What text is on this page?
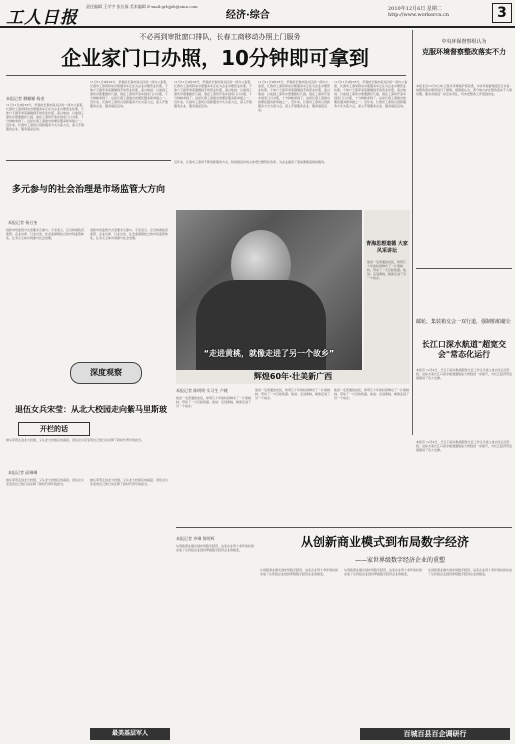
工人日报
责任编辑 王学宇 张长福 美术编辑 E-mail:grbjjzh@sina.com
经济·综合
2010年12月6日 星期二 http://www.workercn.cn	3
不必再到审批窗口排队，长春工商移动办照上门服务
企业家门口办照，10分钟即可拿到
本报记者 柳姗姗 杨金
11月11日9时38分，早春的长春市南关区的一间办公室里，长春市工商局移动办照服务车正在为企业办理营业执照。个体户王振军拿着刚刚到手的营业执照，高兴地说：以前到工商所办照要跑好几趟，现在工商局开着车到家门口办照，十分钟就拿到了。这是长春工商推出的便民服务新举措之一。近年来，长春市工商局以创新服务方式为着力点，深入开展服务企业、服务基层活动。
11月11日9时38分，早春的长春市南关区的一间办公室里，长春市工商局移动办照服务车正在为企业办理营业执照。个体户王振军拿着刚刚到手的营业执照，高兴地说：以前到工商所办照要跑好几趟，现在工商局开着车到家门口办照，十分钟就拿到了。这是长春工商推出的便民服务新举措之一。近年来，长春市工商局以创新服务方式为着力点，深入开展服务企业、服务基层活动。
11月11日9时38分，早春的长春市南关区的一间办公室里，长春市工商局移动办照服务车正在为企业办理营业执照。个体户王振军拿着刚刚到手的营业执照，高兴地说：以前到工商所办照要跑好几趟，现在工商局开着车到家门口办照，十分钟就拿到了。这是长春工商推出的便民服务新举措之一。近年来，长春市工商局以创新服务方式为着力点，深入开展服务企业、服务基层活动。
11月11日9时38分，早春的长春市南关区的一间办公室里，长春市工商局移动办照服务车正在为企业办理营业执照。个体户王振军拿着刚刚到手的营业执照，高兴地说：以前到工商所办照要跑好几趟，现在工商局开着车到家门口办照，十分钟就拿到了。这是长春工商推出的便民服务新举措之一。近年来，长春市工商局以创新服务方式为着力点，深入开展服务企业、服务基层活动。
11月11日9时38分，早春的长春市南关区的一间办公室里，长春市工商局移动办照服务车正在为企业办理营业执照。个体户王振军拿着刚刚到手的营业执照，高兴地说：以前到工商所办照要跑好几趟，现在工商局开着车到家门口办照，十分钟就拿到了。这是长春工商推出的便民服务新举措之一。近年来，长春市工商局以创新服务方式为着力点，深入开展服务企业、服务基层活动。
中央环保督察组认为
克服环境督察整改落实不力
本报北京12月5日电 记者从环境保护部获悉，中央环保督察组近日对各地整改落实情况进行了督察。督察组认为，部分地方存在整改落实不力等问题，要求各地进一步压实责任，切实把整改工作落到实处。
邮轮、集装箱交会一双行道，强制船舶避让
长江口深水航道"超宽交会"常态化运行
本报讯 12月4日，长江口深水航道超宽交会工作正式进入常态化运行阶段。这标志着长江口深水航道通航能力得到进一步提升，为长江经济带发展提供了有力支撑。
多元参与的社会治理是市场监管大方向
本报记者 杨召奎
创新市场监管方式需要多元参与。专家表示，应当构建政府监管、企业自律、行业自治、社会监督相结合的市场监管体系，让多元主体共同参与社会治理。
创新市场监管方式需要多元参与。专家表示，应当构建政府监管、企业自律、行业自治、社会监督相结合的市场监管体系，让多元主体共同参与社会治理。
深度观察
退伍女兵宋莹：从北大校园走向紫马里斯玻
开栏的话
她从军营走进北大校园，又从北大校园走向基层。退伍女兵宋莹用自己的行动诠释了新时代青年的担当。
本报记者 邱琳琳
她从军营走进北大校园，又从北大校园走向基层。退伍女兵宋莹用自己的行动诠释了新时代青年的担当。
她从军营走进北大校园，又从北大校园走向基层。退伍女兵宋莹用自己的行动诠释了新时代青年的担当。
近年来，长春市工商局不断创新服务方式，积极推进市场主体登记便利化改革，为企业提供了更加便捷高效的服务。
青海思想道德 大家风采讲坛
他是一名普通的农民，却用几十年的时间种出了一片黄桃林，带动了一方百姓致富。他说：走进黄桃，就像走进了另一个故乡。
“走进黄桃，就像走进了另一个故乡”
辉煌60年·壮美新广西
本报记者 陈明明 实习生 卢桃
他是一名普通的农民，却用几十年的时间种出了一片黄桃林，带动了一方百姓致富。他说：走进黄桃，就像走进了另一个故乡。
他是一名普通的农民，却用几十年的时间种出了一片黄桃林，带动了一方百姓致富。他说：走进黄桃，就像走进了另一个故乡。
他是一名普通的农民，却用几十年的时间种出了一片黄桃林，带动了一方百姓致富。他说：走进黄桃，就像走进了另一个故乡。
本报讯 12月4日，长江口深水航道超宽交会工作正式进入常态化运行阶段。这标志着长江口深水航道通航能力得到进一步提升，为长江经济带发展提供了有力支撑。
从创新商业模式到布局数字经济
——家世界级数字经济企业的重塑
本报记者 齐琳 鲁明辉
从创新商业模式到布局数字经济，这家企业用十余年的时间完成了从传统企业到世界级数字经济企业的蜕变。
从创新商业模式到布局数字经济，这家企业用十余年的时间完成了从传统企业到世界级数字经济企业的蜕变。
从创新商业模式到布局数字经济，这家企业用十余年的时间完成了从传统企业到世界级数字经济企业的蜕变。
从创新商业模式到布局数字经济，这家企业用十余年的时间完成了从传统企业到世界级数字经济企业的蜕变。
最美基层军人	百城百县百企调研行
